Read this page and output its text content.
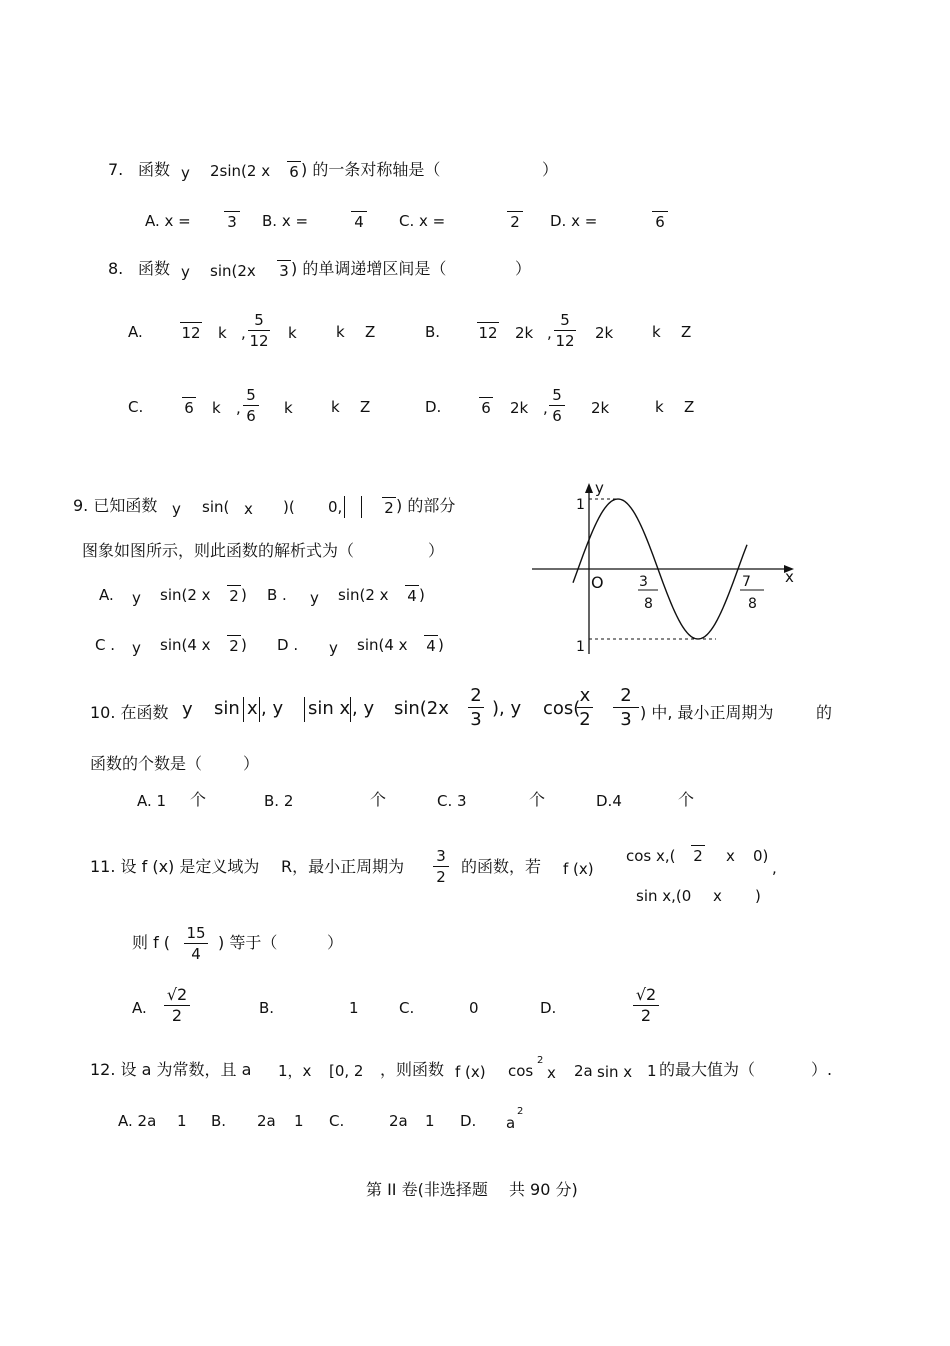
7. 函数 y 2sin(2 x 6 ) 的一条对称轴是（	）
A. x = 3 B. x =	4 C. x =	2 D. x =	6
8. 函数 y sin(2x 3 ) 的单调递增区间是（	）
A.	12 k ,
5
12 k	k Z	B.	12 2k ,
5
12 2k	k Z
C.	6 k ,
5
6 k	k Z	D.	6 2k ,
5
6 2k	k Z
9. 已知函数 y sin( x )( 0,	2 ) 的部分
图象如图所示，则此函数的解析式为（	）
A. y sin(2 x 2 ) B . y sin(2 x 4 )
C . y sin(4 x 2 ) D . y sin(4 x 4 )
y
x
O
1
1
3
8
7
8
10. 在函数 y sin x , y sin x , y sin(2x
2
3
), y cos(
x
2
2
3 ) 中, 最小正周期为	的
函数的个数是（	）
A. 1 个	B. 2	个	C. 3	个	D.4	个
11. 设 f (x) 是定义域为 R，最小正周期为
3
2
的函数，若 f (x)
cos x,( 2 x 0)
,
sin x,(0 x )
则 f ( 15
4
) 等于（	）
A.
√2
2	B.	1	C.	0	D.
√2
2
12. 设 a 为常数，且 a 1，x [0, 2 ，则函数 f (x) cos
2
x 2a sin x 1 的最大值为（	）.
A. 2a 1 B. 2a 1 C.	2a 1 D. a
2
第 II 卷(非选择题　 共 90 分)
